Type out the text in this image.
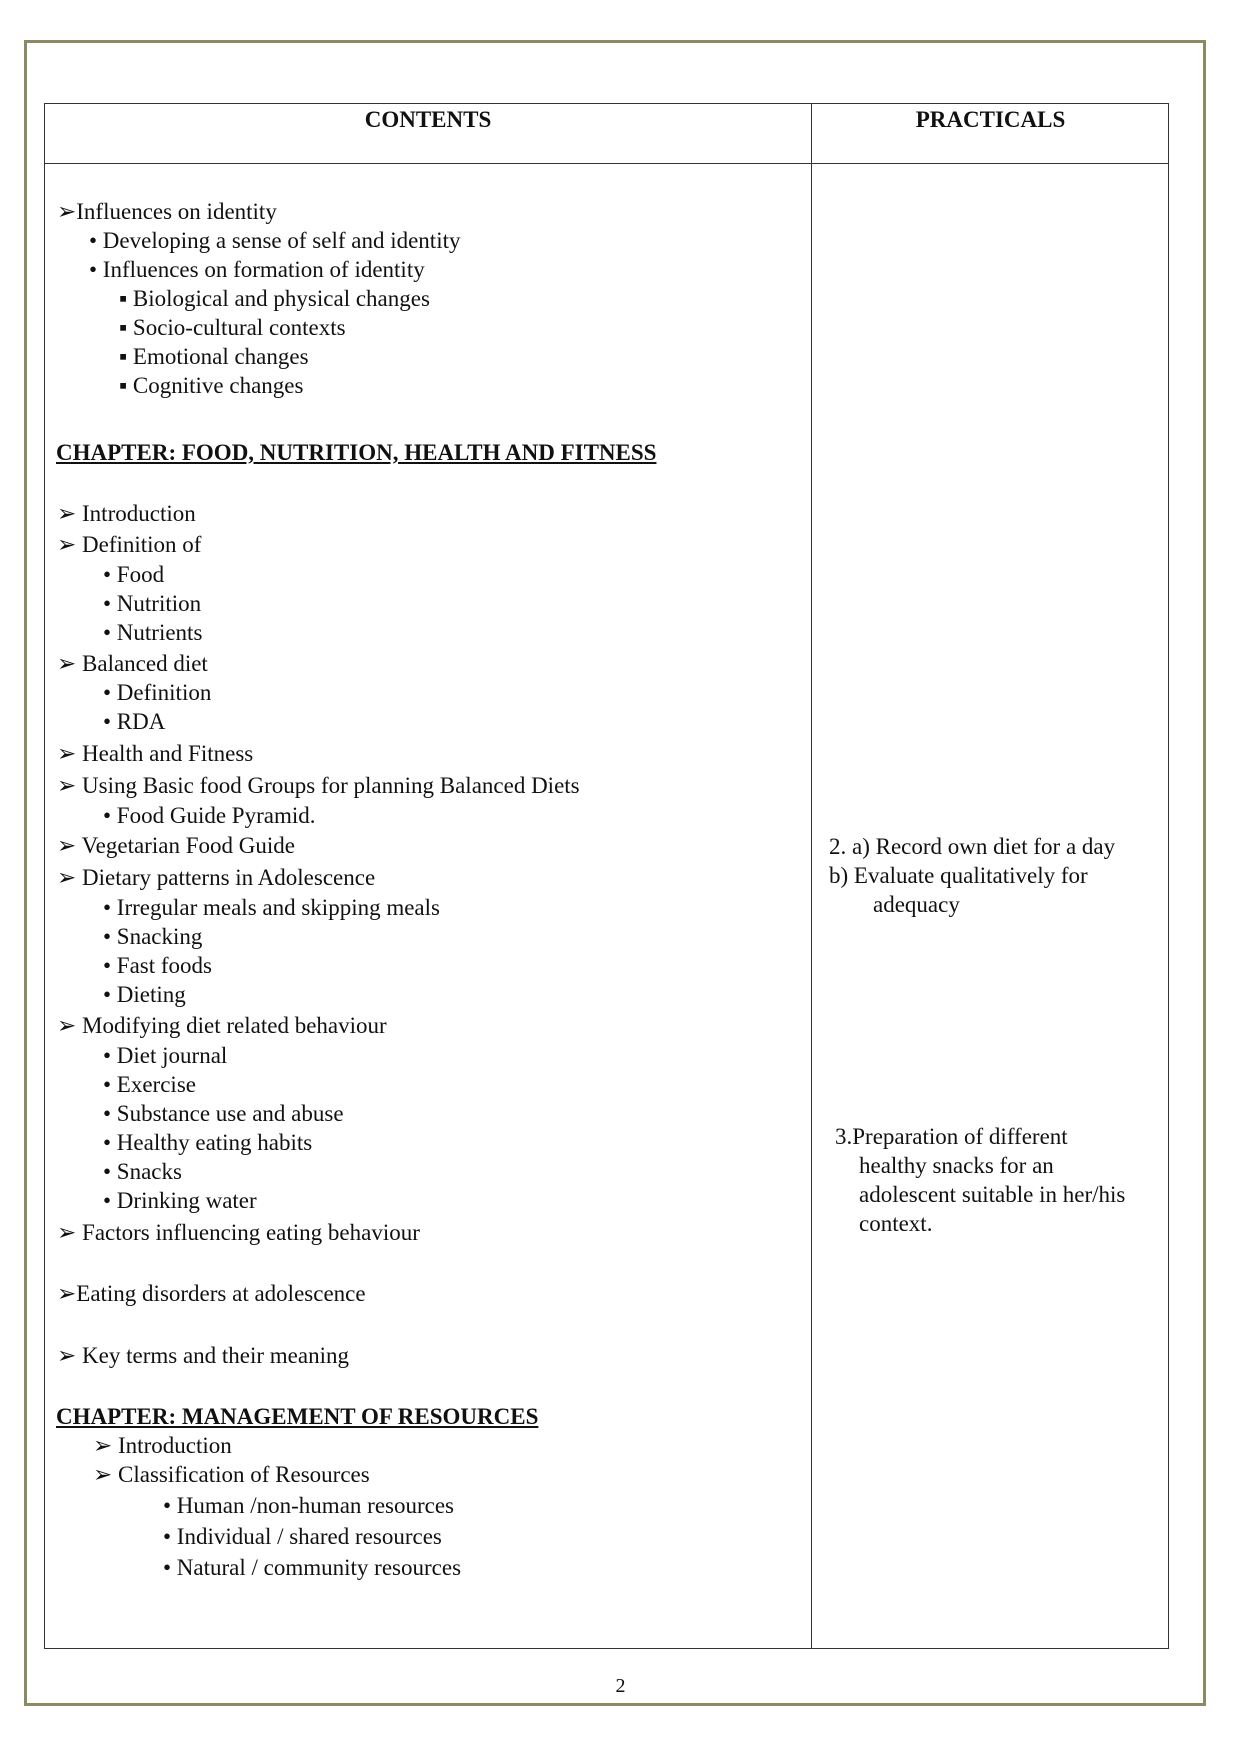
CONTENTS	PRACTICALS
➢Influences on identity
• Developing a sense of self and identity
• Influences on formation of identity
▪ Biological and physical changes
▪ Socio-cultural contexts
▪ Emotional changes
▪ Cognitive changes
CHAPTER: FOOD, NUTRITION, HEALTH AND FITNESS
➢ Introduction
➢ Definition of
• Food
• Nutrition
• Nutrients
➢ Balanced diet
• Definition
• RDA
➢ Health and Fitness
➢ Using Basic food Groups for planning Balanced Diets
• Food Guide Pyramid.
➢ Vegetarian Food Guide
➢ Dietary patterns in Adolescence
• Irregular meals and skipping meals
• Snacking
• Fast foods
• Dieting
➢ Modifying diet related behaviour
• Diet journal
• Exercise
• Substance use and abuse
• Healthy eating habits
• Snacks
• Drinking water
➢ Factors influencing eating behaviour
➢Eating disorders at adolescence
➢ Key terms and their meaning
CHAPTER: MANAGEMENT OF RESOURCES
➢ Introduction
➢ Classification of Resources
• Human /non-human resources
• Individual / shared resources
• Natural / community resources
2. a) Record own diet for a day
b) Evaluate qualitatively for
adequacy
3.Preparation of different
healthy snacks for an
adolescent suitable in her/his
context.
2
